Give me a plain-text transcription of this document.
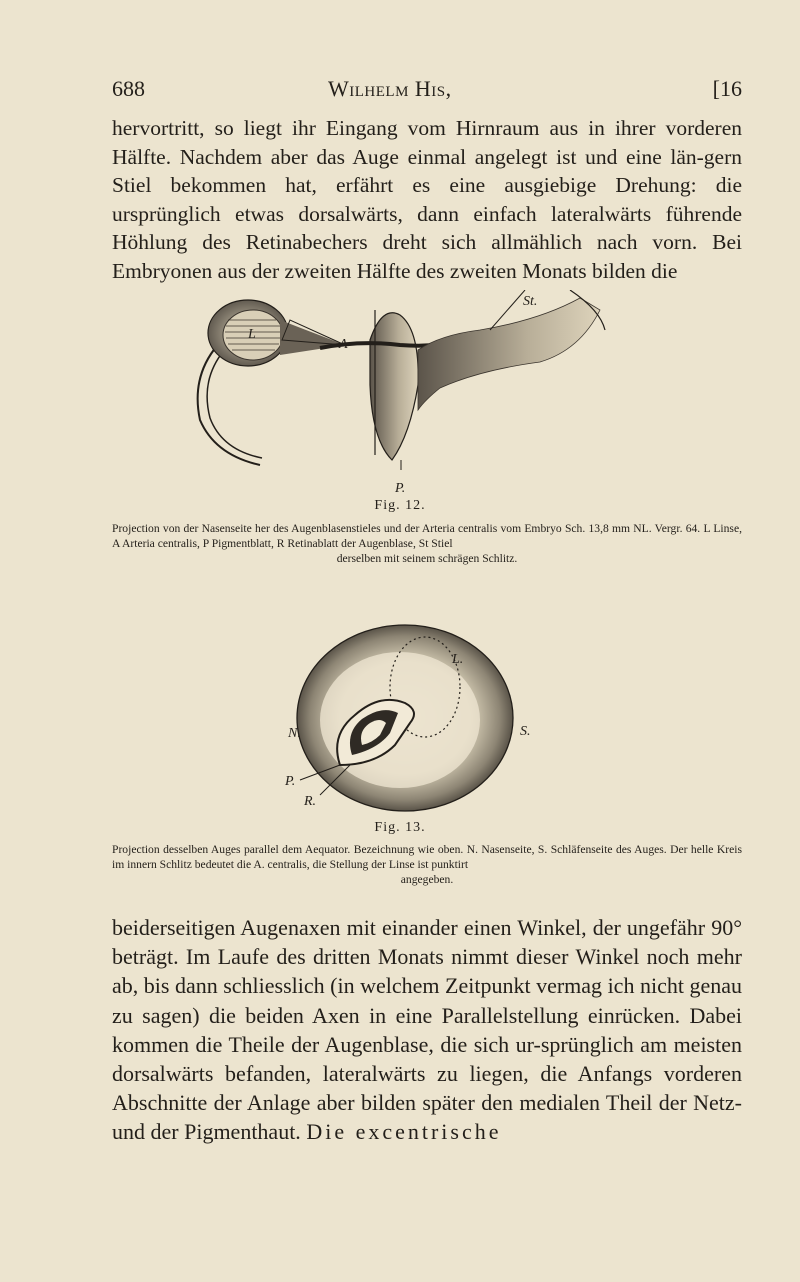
688	Wilhelm His,	[16

hervortritt, so liegt ihr Eingang vom Hirnraum aus in ihrer vorderen Hälfte. Nachdem aber das Auge einmal angelegt ist und eine län-gern Stiel bekommen hat, erfährt es eine ausgiebige Drehung: die ursprünglich etwas dorsalwärts, dann einfach lateralwärts führende Höhlung des Retinabechers dreht sich allmählich nach vorn. Bei Embryonen aus der zweiten Hälfte des zweiten Monats bilden die

St.
L
A
P.
Fig. 12.

Projection von der Nasenseite her des Augenblasenstieles und der Arteria centralis vom Embryo Sch. 13,8 mm NL. Vergr. 64. L Linse, A Arteria centralis, P Pigmentblatt, R Retinablatt der Augenblase, St Stiel
derselben mit seinem schrägen Schlitz.

L.
N.	S.
P.
R.
Fig. 13.

Projection desselben Auges parallel dem Aequator. Bezeichnung wie oben. N. Nasenseite, S. Schläfenseite des Auges. Der helle Kreis im innern Schlitz bedeutet die A. centralis, die Stellung der Linse ist punktirt
angegeben.

beiderseitigen Augenaxen mit einander einen Winkel, der ungefähr 90° beträgt. Im Laufe des dritten Monats nimmt dieser Winkel noch mehr ab, bis dann schliesslich (in welchem Zeitpunkt vermag ich nicht genau zu sagen) die beiden Axen in eine Parallelstellung einrücken. Dabei kommen die Theile der Augenblase, die sich ur-sprünglich am meisten dorsalwärts befanden, lateralwärts zu liegen, die Anfangs vorderen Abschnitte der Anlage aber bilden später den medialen Theil der Netz- und der Pigmenthaut. Die excentrische
